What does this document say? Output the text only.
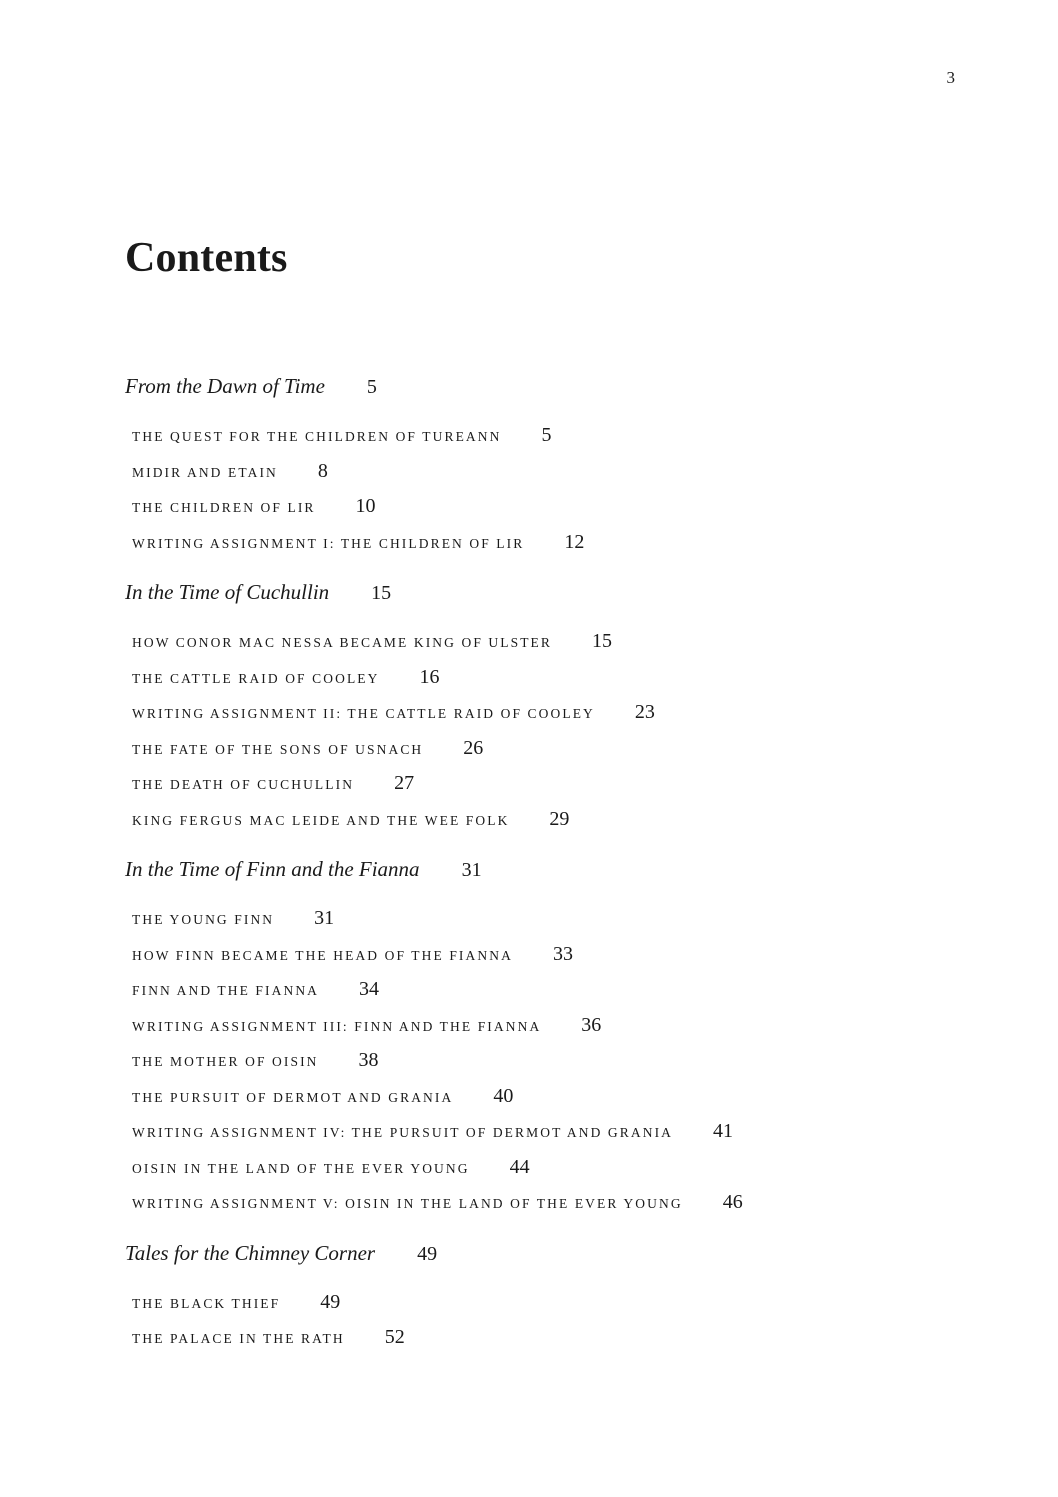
3
Contents
From the Dawn of Time 5
THE QUEST FOR THE CHILDREN OF TUREANN 5
MIDIR AND ETAIN 8
THE CHILDREN OF LIR 10
WRITING ASSIGNMENT I: THE CHILDREN OF LIR 12
In the Time of Cuchullin 15
HOW CONOR MAC NESSA BECAME KING OF ULSTER 15
THE CATTLE RAID OF COOLEY 16
WRITING ASSIGNMENT II: THE CATTLE RAID OF COOLEY 23
THE FATE OF THE SONS OF USNACH 26
THE DEATH OF CUCHULLIN 27
KING FERGUS MAC LEIDE AND THE WEE FOLK 29
In the Time of Finn and the Fianna 31
THE YOUNG FINN 31
HOW FINN BECAME THE HEAD OF THE FIANNA 33
FINN AND THE FIANNA 34
WRITING ASSIGNMENT III: FINN AND THE FIANNA 36
THE MOTHER OF OISIN 38
THE PURSUIT OF DERMOT AND GRANIA 40
WRITING ASSIGNMENT IV: THE PURSUIT OF DERMOT AND GRANIA 41
OISIN IN THE LAND OF THE EVER YOUNG 44
WRITING ASSIGNMENT V: OISIN IN THE LAND OF THE EVER YOUNG 46
Tales for the Chimney Corner 49
THE BLACK THIEF 49
THE PALACE IN THE RATH 52
